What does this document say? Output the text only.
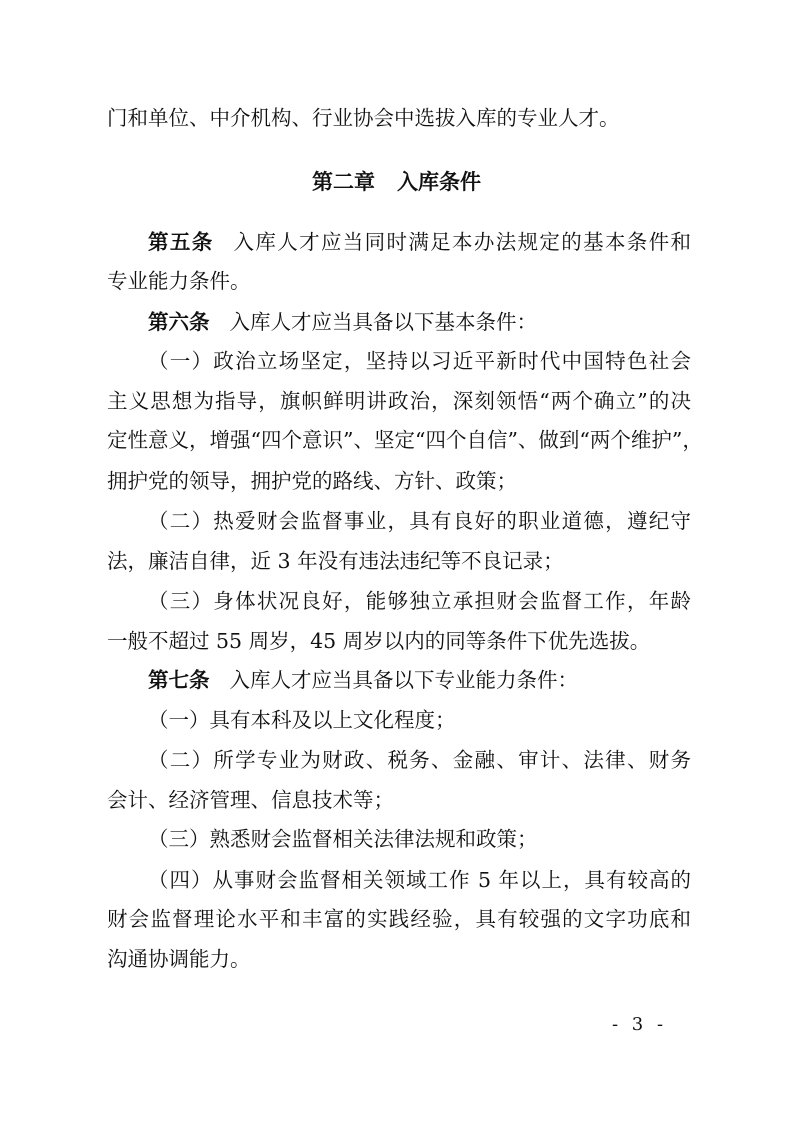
门和单位、中介机构、行业协会中选拔入库的专业人才。
第二章 入库条件
第五条 入库人才应当同时满足本办法规定的基本条件和
专业能力条件。
第六条 入库人才应当具备以下基本条件：
（一）政治立场坚定，坚持以习近平新时代中国特色社会
主义思想为指导，旗帜鲜明讲政治，深刻领悟“两个确立”的决
定性意义，增强“四个意识”、坚定“四个自信”、做到“两个维护”，
拥护党的领导，拥护党的路线、方针、政策；
（二）热爱财会监督事业，具有良好的职业道德，遵纪守
法，廉洁自律，近 3 年没有违法违纪等不良记录；
（三）身体状况良好，能够独立承担财会监督工作，年龄
一般不超过 55 周岁，45 周岁以内的同等条件下优先选拔。
第七条 入库人才应当具备以下专业能力条件：
（一）具有本科及以上文化程度；
（二）所学专业为财政、税务、金融、审计、法律、财务
会计、经济管理、信息技术等；
（三）熟悉财会监督相关法律法规和政策；
（四）从事财会监督相关领域工作 5 年以上，具有较高的
财会监督理论水平和丰富的实践经验，具有较强的文字功底和
沟通协调能力。
- 3 -
